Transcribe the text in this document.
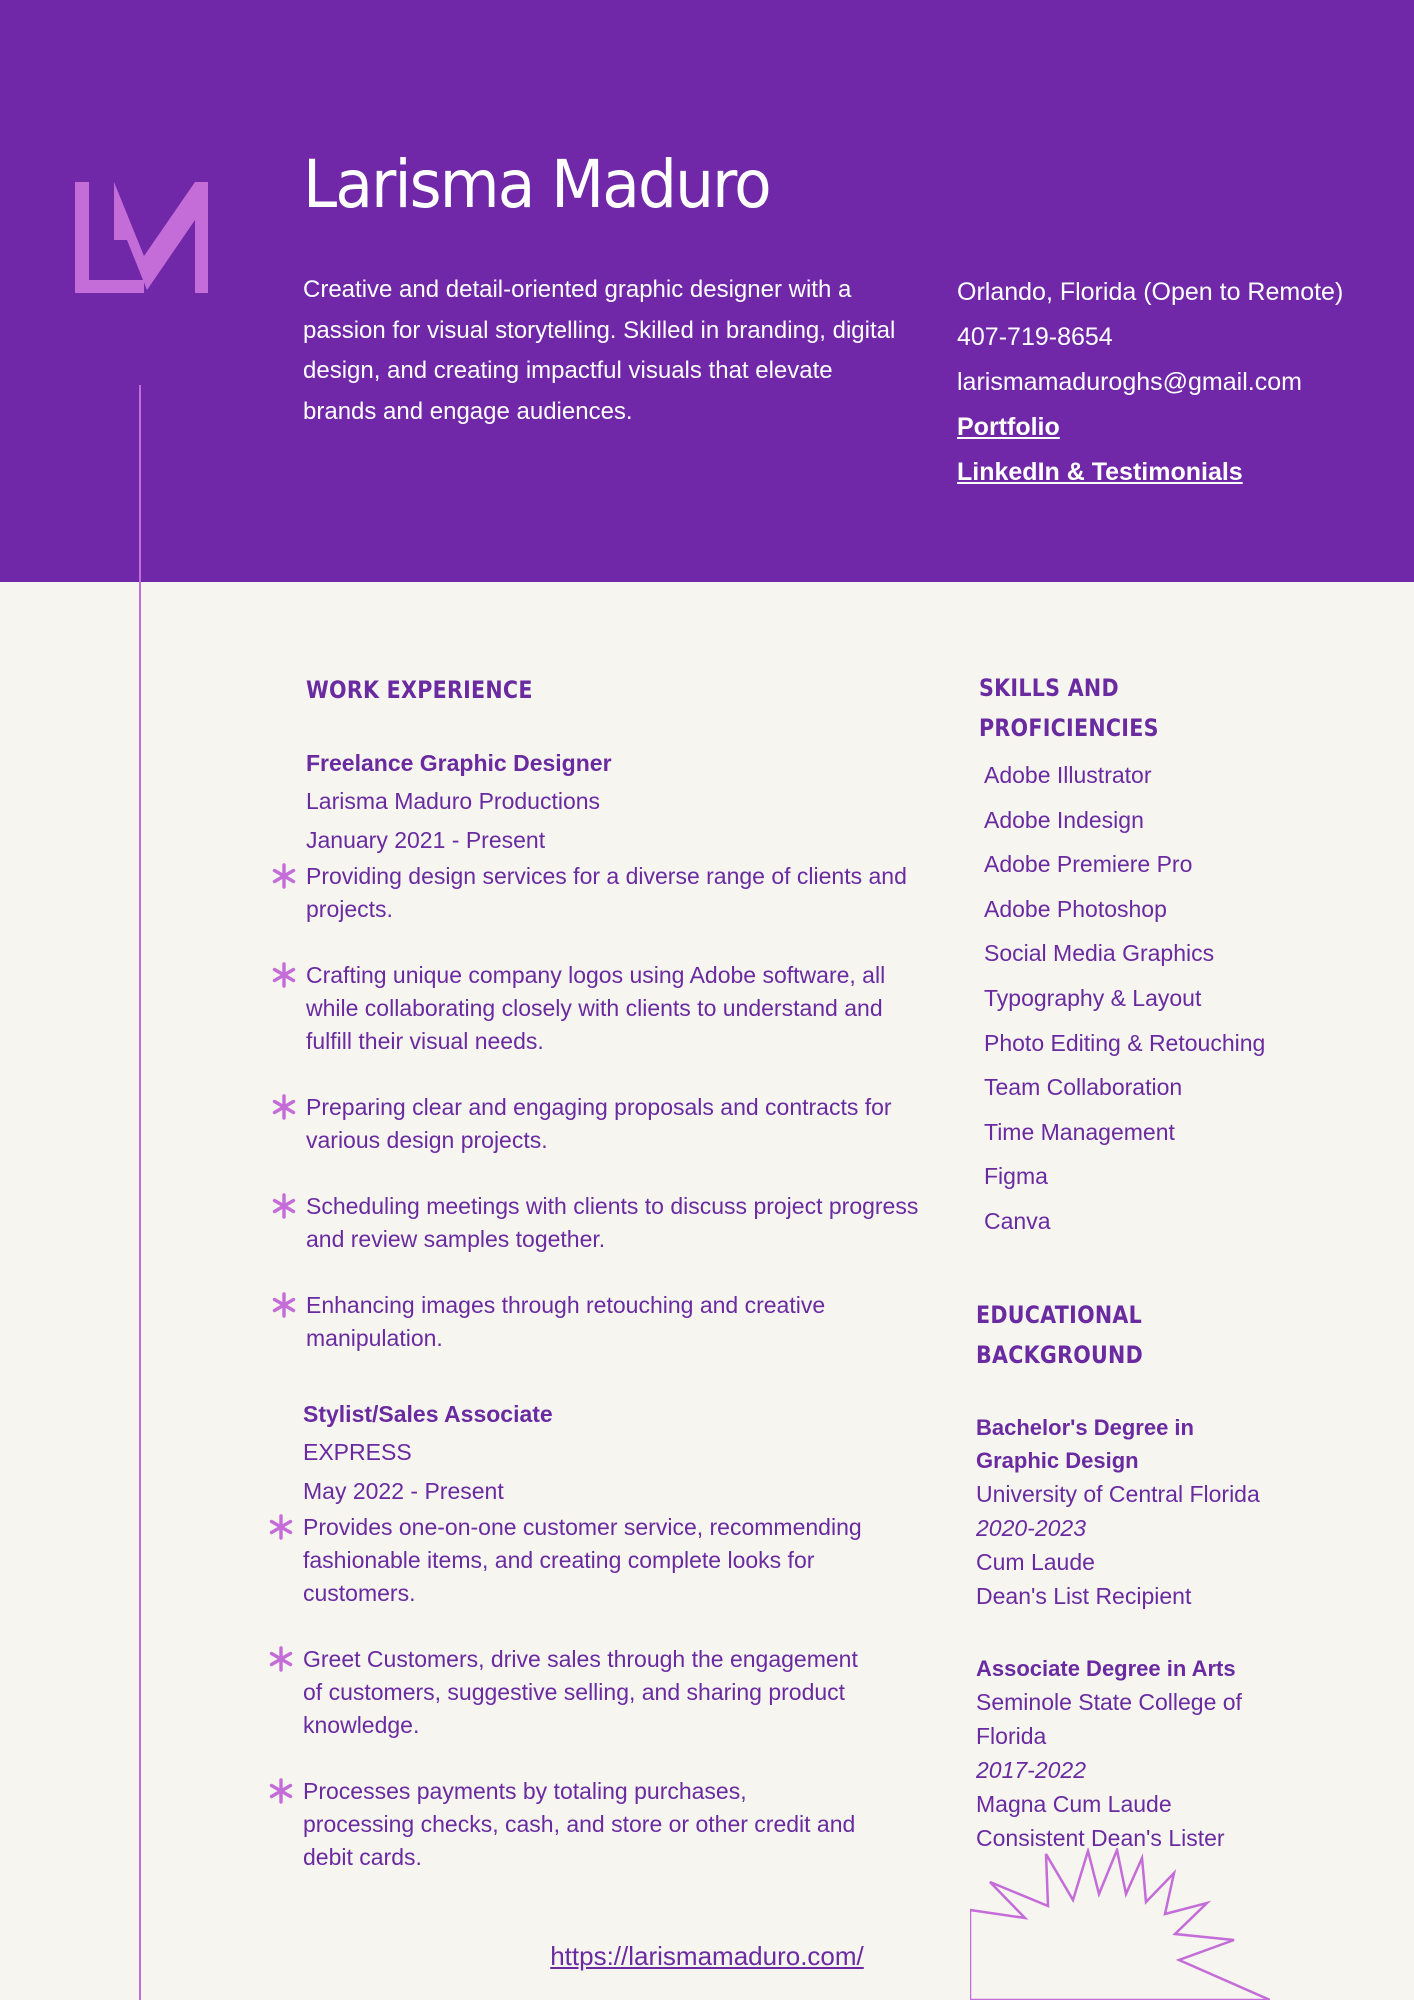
Larisma Maduro

Creative and detail-oriented graphic designer with a passion for visual storytelling. Skilled in branding, digital design, and creating impactful visuals that elevate brands and engage audiences.

Orlando, Florida (Open to Remote)
407-719-8654
larismamaduroghs@gmail.com
Portfolio
LinkedIn & Testimonials
WORK EXPERIENCE
Freelance Graphic Designer
Larisma Maduro Productions
January 2021 - Present
Providing design services for a diverse range of clients and projects.
Crafting unique company logos using Adobe software, all while collaborating closely with clients to understand and fulfill their visual needs.
Preparing clear and engaging proposals and contracts for various design projects.
Scheduling meetings with clients to discuss project progress and review samples together.
Enhancing images through retouching and creative manipulation.
Stylist/Sales Associate
EXPRESS
May 2022 - Present
Provides one-on-one customer service, recommending fashionable items, and creating complete looks for customers.
Greet Customers, drive sales through the engagement of customers, suggestive selling, and sharing product knowledge.
Processes payments by totaling purchases, processing checks, cash, and store or other credit and debit cards.
SKILLS AND
PROFICIENCIES
Adobe Illustrator
Adobe Indesign
Adobe Premiere Pro
Adobe Photoshop
Social Media Graphics
Typography & Layout
Photo Editing & Retouching
Team Collaboration
Time Management
Figma
Canva
EDUCATIONAL
BACKGROUND
Bachelor's Degree in
Graphic Design
University of Central Florida
2020-2023
Cum Laude
Dean's List Recipient
Associate Degree in Arts
Seminole State College of
Florida
2017-2022
Magna Cum Laude
Consistent Dean's Lister
https://larismamaduro.com/
